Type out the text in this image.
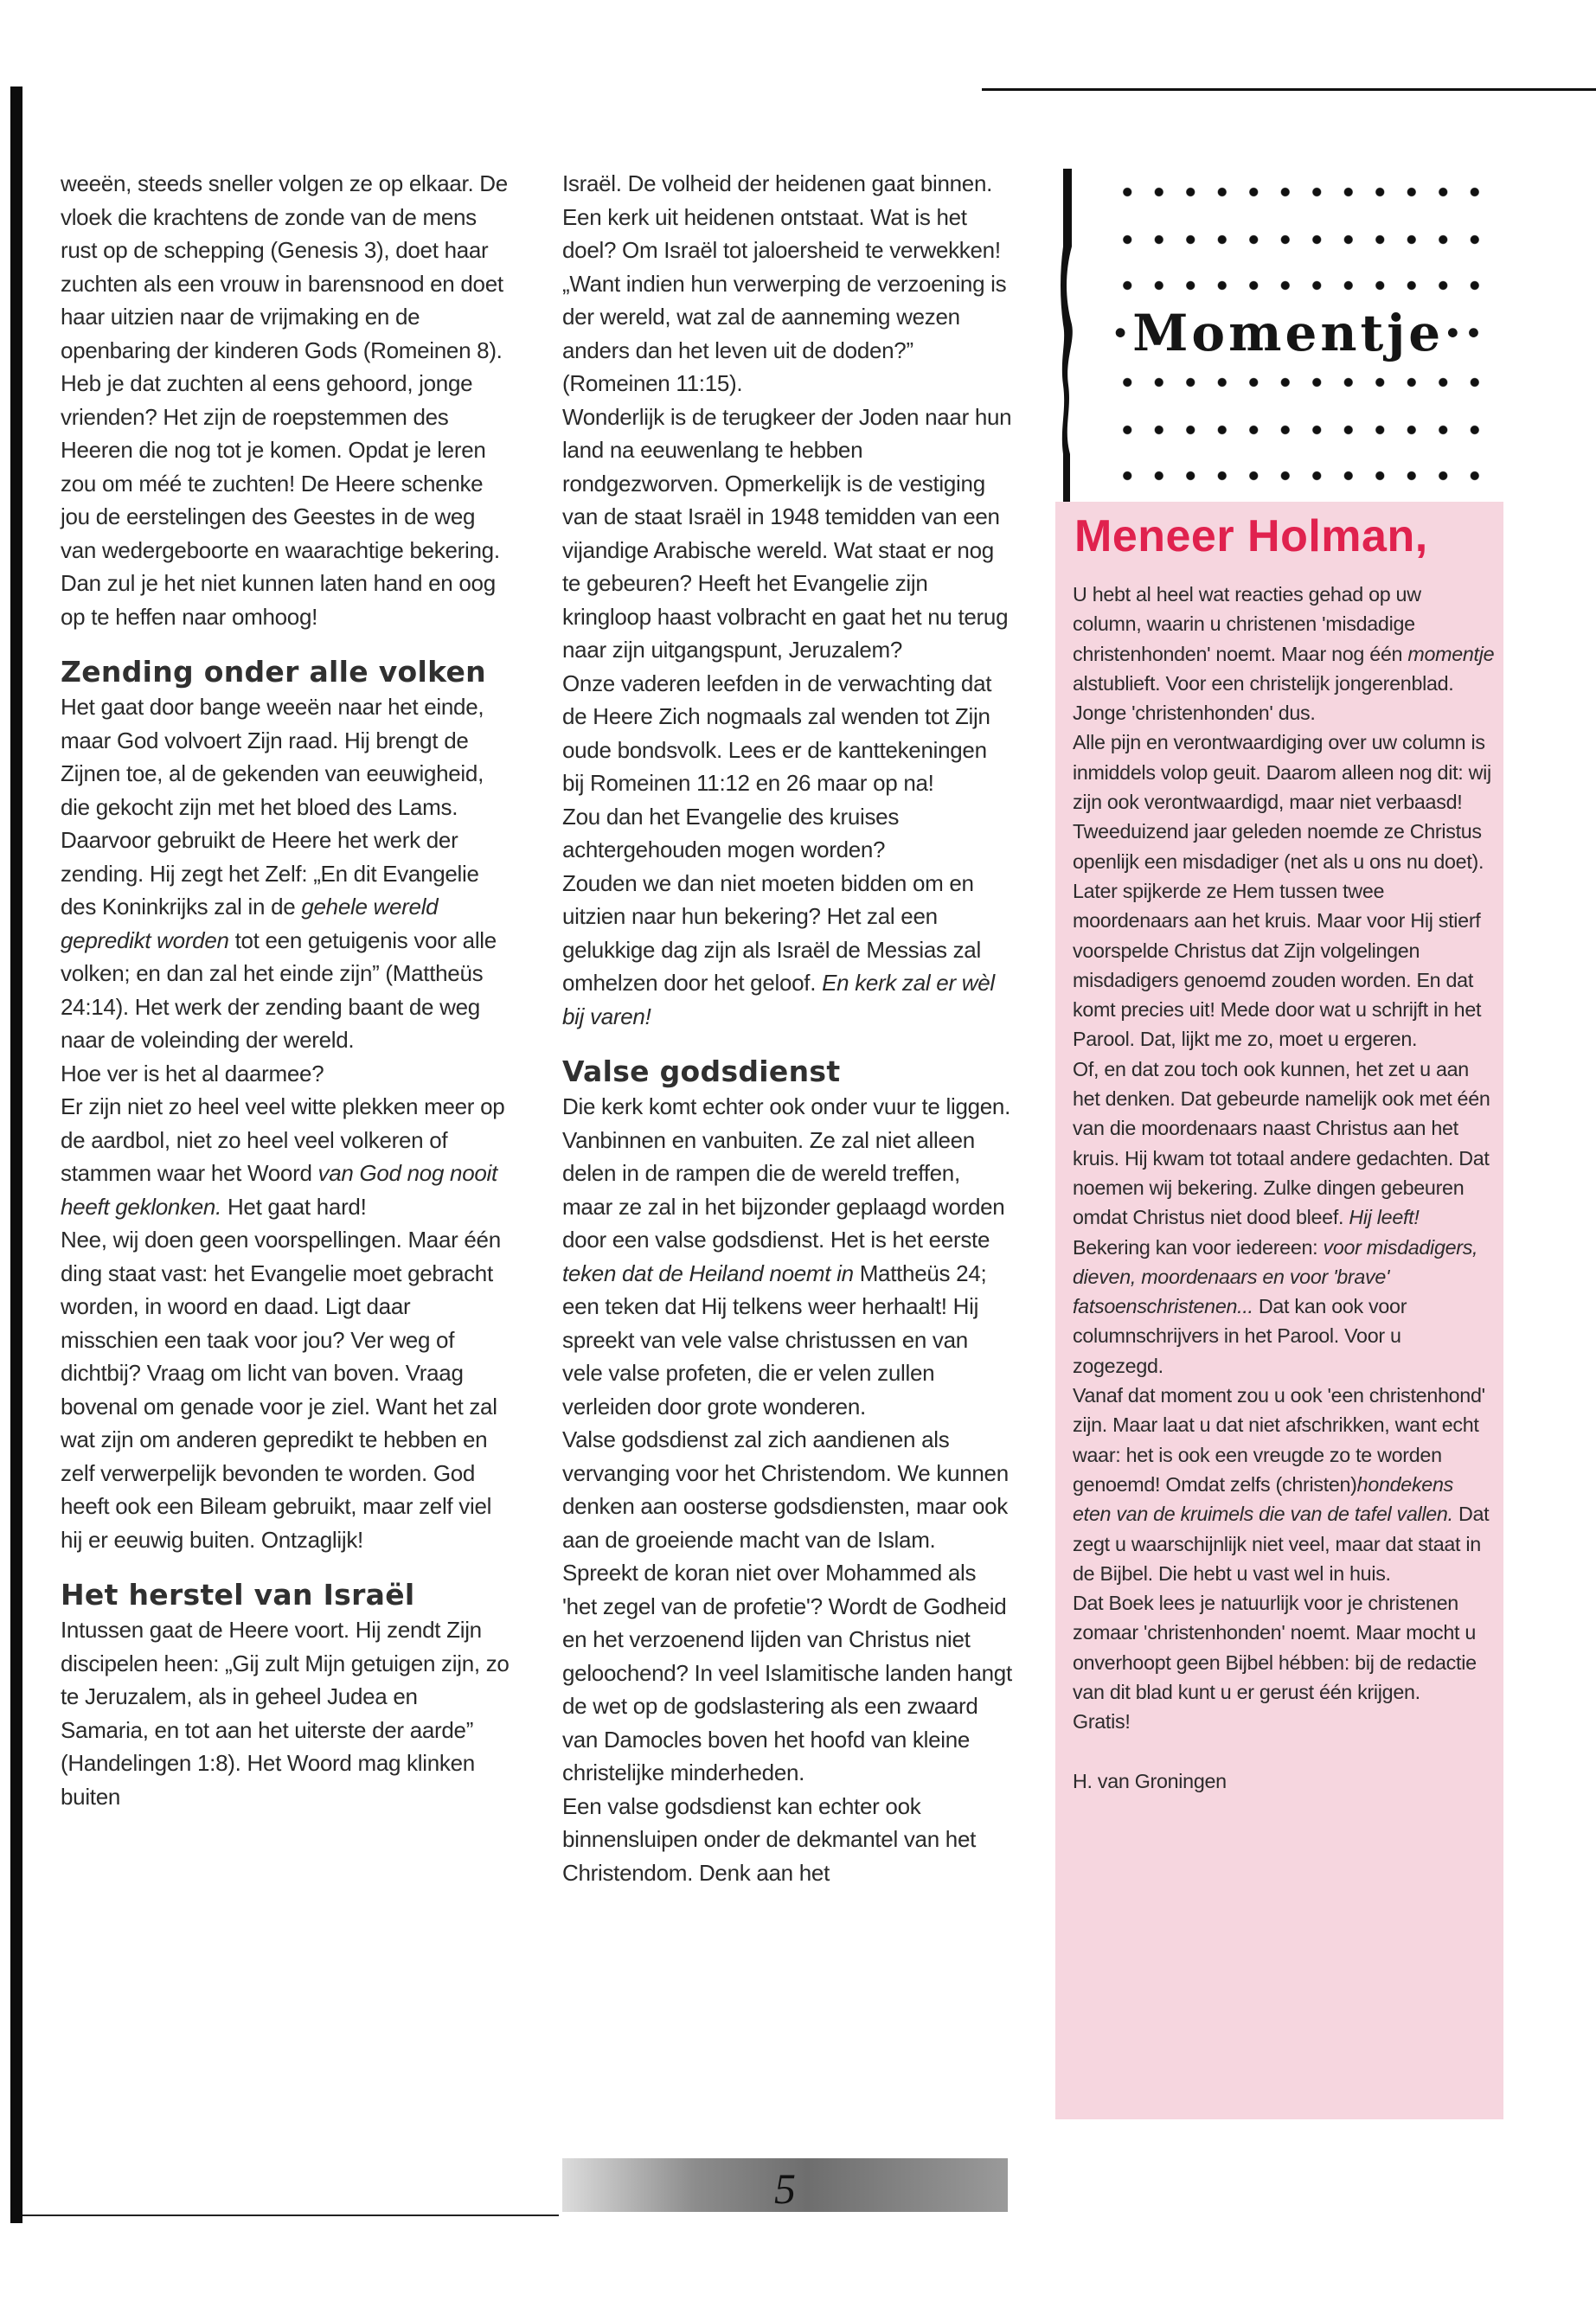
weeën, steeds sneller volgen ze op elkaar. De vloek die krachtens de zonde van de mens rust op de schepping (Genesis 3), doet haar zuchten als een vrouw in barensnood en doet haar uitzien naar de vrijmaking en de openbaring der kinderen Gods (Romeinen 8).

Heb je dat zuchten al eens gehoord, jonge vrienden? Het zijn de roepstemmen des Heeren die nog tot je komen. Opdat je leren zou om méé te zuchten! De Heere schenke jou de eerstelingen des Geestes in de weg van wedergeboorte en waarachtige bekering. Dan zul je het niet kunnen laten hand en oog op te heffen naar omhoog!

Zending onder alle volken

Het gaat door bange weeën naar het einde, maar God volvoert Zijn raad. Hij brengt de Zijnen toe, al de gekenden van eeuwigheid, die gekocht zijn met het bloed des Lams.

Daarvoor gebruikt de Heere het werk der zending. Hij zegt het Zelf: „En dit Evangelie des Koninkrijks zal in de gehele wereld gepredikt worden tot een getuigenis voor alle volken; en dan zal het einde zijn” (Mattheüs 24:14). Het werk der zending baant de weg naar de voleinding der wereld.

Hoe ver is het al daarmee?

Er zijn niet zo heel veel witte plekken meer op de aardbol, niet zo heel veel volkeren of stammen waar het Woord van God nog nooit heeft geklonken. Het gaat hard!

Nee, wij doen geen voorspellingen. Maar één ding staat vast: het Evangelie moet gebracht worden, in woord en daad. Ligt daar misschien een taak voor jou? Ver weg of dichtbij? Vraag om licht van boven. Vraag bovenal om genade voor je ziel. Want het zal wat zijn om anderen gepredikt te hebben en zelf verwerpelijk bevonden te worden. God heeft ook een Bileam gebruikt, maar zelf viel hij er eeuwig buiten. Ontzaglijk!

Het herstel van Israël

Intussen gaat de Heere voort. Hij zendt Zijn discipelen heen: „Gij zult Mijn getuigen zijn, zo te Jeruzalem, als in geheel Judea en Samaria, en tot aan het uiterste der aarde” (Handelingen 1:8). Het Woord mag klinken buiten

Israël. De volheid der heidenen gaat binnen. Een kerk uit heidenen ontstaat. Wat is het doel? Om Israël tot jaloersheid te verwekken! „Want indien hun verwerping de verzoening is der wereld, wat zal de aanneming wezen anders dan het leven uit de doden?” (Romeinen 11:15).

Wonderlijk is de terugkeer der Joden naar hun land na eeuwenlang te hebben rondgezworven. Opmerkelijk is de vestiging van de staat Israël in 1948 temidden van een vijandige Arabische wereld. Wat staat er nog te gebeuren? Heeft het Evangelie zijn kringloop haast volbracht en gaat het nu terug naar zijn uitgangspunt, Jeruzalem?

Onze vaderen leefden in de verwachting dat de Heere Zich nogmaals zal wenden tot Zijn oude bondsvolk. Lees er de kanttekeningen bij Romeinen 11:12 en 26 maar op na!

Zou dan het Evangelie des kruises achtergehouden mogen worden?

Zouden we dan niet moeten bidden om en uitzien naar hun bekering? Het zal een gelukkige dag zijn als Israël de Messias zal omhelzen door het geloof. En kerk zal er wèl bij varen!

Valse godsdienst

Die kerk komt echter ook onder vuur te liggen. Vanbinnen en vanbuiten. Ze zal niet alleen delen in de rampen die de wereld treffen, maar ze zal in het bijzonder geplaagd worden door een valse godsdienst. Het is het eerste teken dat de Heiland noemt in Mattheüs 24; een teken dat Hij telkens weer herhaalt! Hij spreekt van vele valse christussen en van vele valse profeten, die er velen zullen verleiden door grote wonderen.

Valse godsdienst zal zich aandienen als vervanging voor het Christendom. We kunnen denken aan oosterse godsdiensten, maar ook aan de groeiende macht van de Islam. Spreekt de koran niet over Mohammed als 'het zegel van de profetie'? Wordt de Godheid en het verzoenend lijden van Christus niet geloochend? In veel Islamitische landen hangt de wet op de godslastering als een zwaard van Damocles boven het hoofd van kleine christelijke minderheden.

Een valse godsdienst kan echter ook binnensluipen onder de dekmantel van het Christendom. Denk aan het

·Momentje··
Meneer Holman,

U hebt al heel wat reacties gehad op uw column, waarin u christenen 'misdadige christenhonden' noemt. Maar nog één momentje alstublieft. Voor een christelijk jongerenblad. Jonge 'christenhonden' dus.

Alle pijn en verontwaardiging over uw column is inmiddels volop geuit. Daarom alleen nog dit: wij zijn ook verontwaardigd, maar niet verbaasd! Tweeduizend jaar geleden noemde ze Christus openlijk een misdadiger (net als u ons nu doet). Later spijkerde ze Hem tussen twee moordenaars aan het kruis. Maar voor Hij stierf voorspelde Christus dat Zijn volgelingen misdadigers genoemd zouden worden. En dat komt precies uit! Mede door wat u schrijft in het Parool. Dat, lijkt me zo, moet u ergeren.

Of, en dat zou toch ook kunnen, het zet u aan het denken. Dat gebeurde namelijk ook met één van die moordenaars naast Christus aan het kruis. Hij kwam tot totaal andere gedachten. Dat noemen wij bekering. Zulke dingen gebeuren omdat Christus niet dood bleef. Hij leeft!

Bekering kan voor iedereen: voor misdadigers, dieven, moordenaars en voor 'brave' fatsoenschristenen... Dat kan ook voor columnschrijvers in het Parool. Voor u zogezegd.

Vanaf dat moment zou u ook 'een christenhond' zijn. Maar laat u dat niet afschrikken, want echt waar: het is ook een vreugde zo te worden genoemd! Omdat zelfs (christen)hondekens eten van de kruimels die van de tafel vallen. Dat zegt u waarschijnlijk niet veel, maar dat staat in de Bijbel. Die hebt u vast wel in huis.

Dat Boek lees je natuurlijk voor je christenen zomaar 'christenhonden' noemt. Maar mocht u onverhoopt geen Bijbel hébben: bij de redactie van dit blad kunt u er gerust één krijgen.

Gratis!

H. van Groningen

5
